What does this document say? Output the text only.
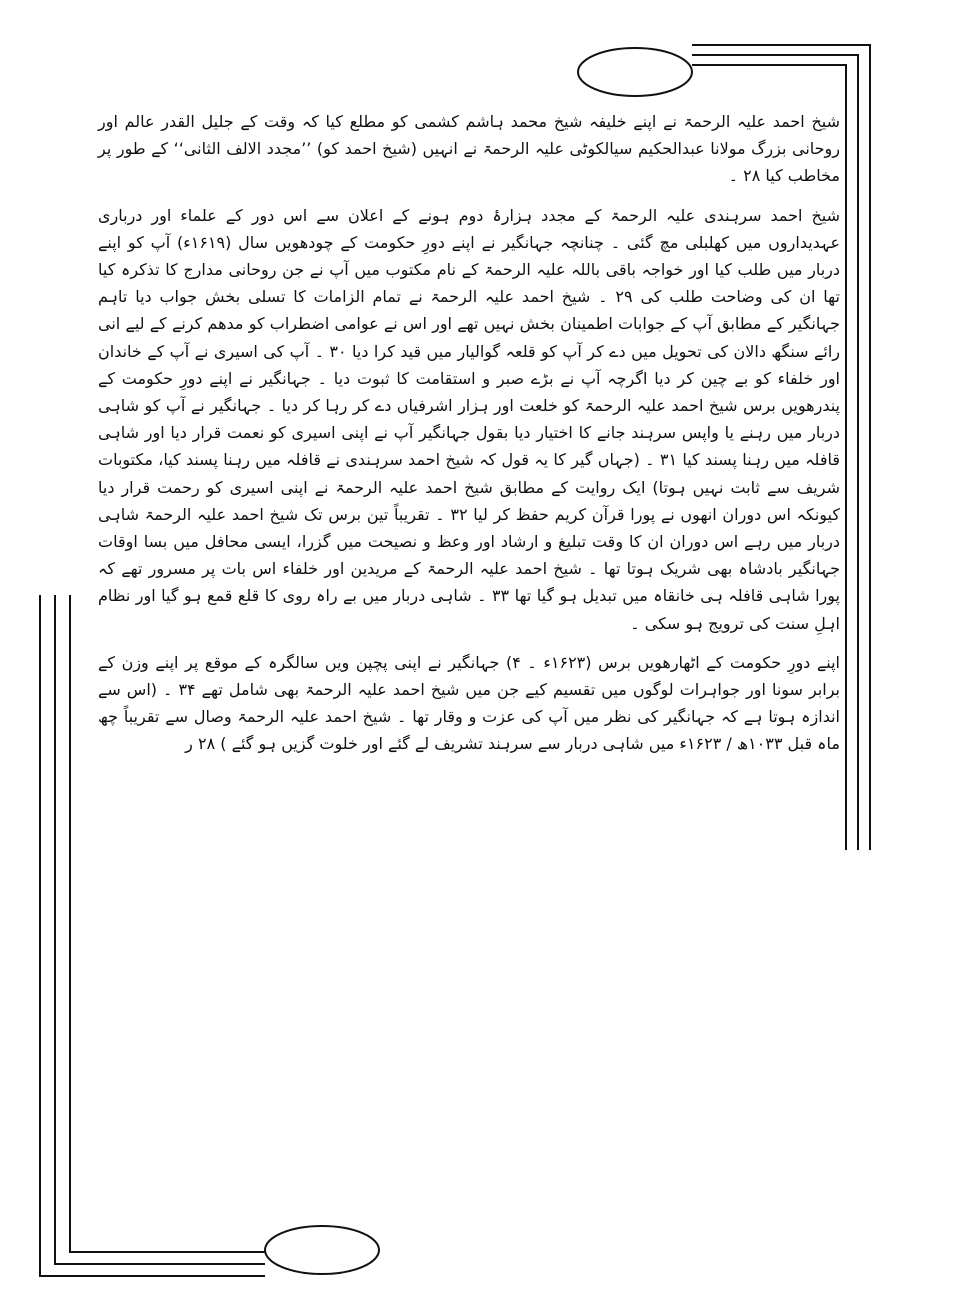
شیخ احمد علیہ الرحمۃ نے اپنے خلیفہ شیخ محمد ہاشم کشمی کو مطلع کیا کہ وقت کے جلیل القدر عالم اور روحانی بزرگ مولانا عبدالحکیم سیالکوٹی علیہ الرحمۃ نے انہیں (شیخ احمد کو) ’’مجدد الالف الثانی‘‘ کے طور پر مخاطب کیا ۲۸ ۔

شیخ احمد سرہندی علیہ الرحمۃ کے مجدد ہزارۂ دوم ہونے کے اعلان سے اس دور کے علماء اور درباری عہدیداروں میں کھلبلی مچ گئی ۔ چنانچہ جہانگیر نے اپنے دورِ حکومت کے چودھویں سال (۱۶۱۹ء) آپ کو اپنے دربار میں طلب کیا اور خواجہ باقی باللہ علیہ الرحمۃ کے نام مکتوب میں آپ نے جن روحانی مدارج کا تذکرہ کیا تھا ان کی وضاحت طلب کی ۲۹ ۔ شیخ احمد علیہ الرحمۃ نے تمام الزامات کا تسلی بخش جواب دیا تاہم جہانگیر کے مطابق آپ کے جوابات اطمینان بخش نہیں تھے اور اس نے عوامی اضطراب کو مدھم کرنے کے لیے انی رائے سنگھ دالان کی تحویل میں دے کر آپ کو قلعہ گوالیار میں قید کرا دیا ۳۰ ۔ آپ کی اسیری نے آپ کے خاندان اور خلفاء کو بے چین کر دیا اگرچہ آپ نے بڑے صبر و استقامت کا ثبوت دیا ۔ جہانگیر نے اپنے دورِ حکومت کے پندرھویں برس شیخ احمد علیہ الرحمۃ کو خلعت اور ہزار اشرفیاں دے کر رہا کر دیا ۔ جہانگیر نے آپ کو شاہی دربار میں رہنے یا واپس سرہند جانے کا اختیار دیا بقول جہانگیر آپ نے اپنی اسیری کو نعمت قرار دیا اور شاہی قافلہ میں رہنا پسند کیا ۳۱ ۔ (جہاں گیر کا یہ قول کہ شیخ احمد سرہندی نے قافلہ میں رہنا پسند کیا، مکتوبات شریف سے ثابت نہیں ہوتا) ایک روایت کے مطابق شیخ احمد علیہ الرحمۃ نے اپنی اسیری کو رحمت قرار دیا کیونکہ اس دوران انھوں نے پورا قرآن کریم حفظ کر لیا ۳۲ ۔ تقریباً تین برس تک شیخ احمد علیہ الرحمۃ شاہی دربار میں رہے اس دوران ان کا وقت تبلیغ و ارشاد اور وعظ و نصیحت میں گزرا، ایسی محافل میں بسا اوقات جہانگیر بادشاہ بھی شریک ہوتا تھا ۔ شیخ احمد علیہ الرحمۃ کے مریدین اور خلفاء اس بات پر مسرور تھے کہ پورا شاہی قافلہ ہی خانقاہ میں تبدیل ہو گیا تھا ۳۳ ۔ شاہی دربار میں بے راہ روی کا قلع قمع ہو گیا اور نظام اہلِ سنت کی ترویج ہو سکی ۔

اپنے دورِ حکومت کے اٹھارھویں برس (۱۶۲۳ء ۔ ۴) جہانگیر نے اپنی پچپن ویں سالگرہ کے موقع پر اپنے وزن کے برابر سونا اور جواہرات لوگوں میں تقسیم کیے جن میں شیخ احمد علیہ الرحمۃ بھی شامل تھے ۳۴ ۔ (اس سے اندازہ ہوتا ہے کہ جہانگیر کی نظر میں آپ کی عزت و وقار تھا ۔ شیخ احمد علیہ الرحمۃ وصال سے تقریباً چھ ماہ قبل ۱۰۳۳ھ / ۱۶۲۳ء میں شاہی دربار سے سرہند تشریف لے گئے اور خلوت گزیں ہو گئے ) ۲۸ ر
